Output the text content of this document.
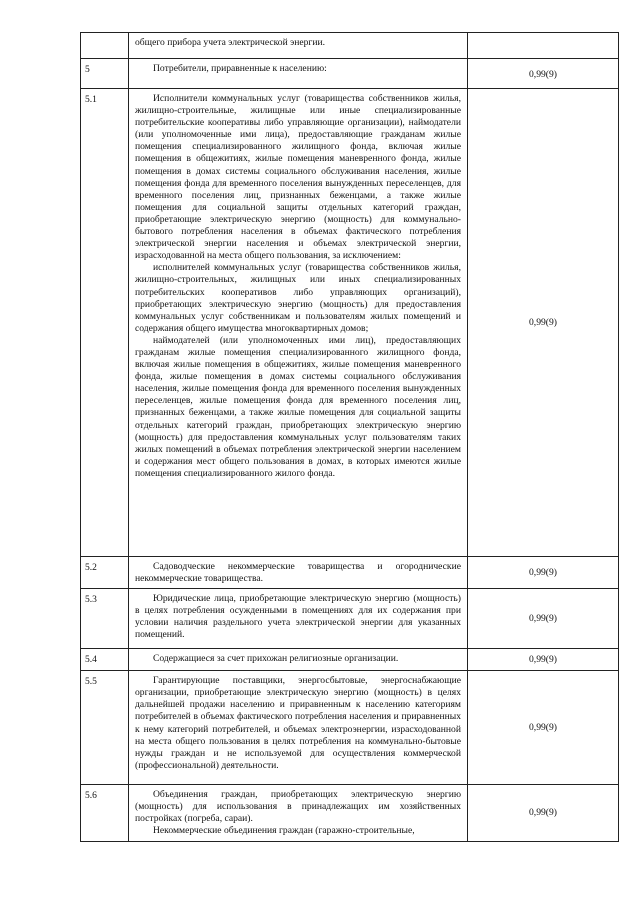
	общего прибора учета электрической энергии.	

5	Потребители, приравненные к населению:	0,99(9)
5.1	Исполнители коммунальных услуг (товарищества собственников жилья, жилищно-строительные, жилищные или иные специализированные потребительские кооперативы либо управляющие организации), наймодатели (или уполномоченные ими лица), предоставляющие гражданам жилые помещения специализированного жилищного фонда, включая жилые помещения в общежитиях, жилые помещения маневренного фонда, жилые помещения в домах системы социального обслуживания населения, жилые помещения фонда для временного поселения вынужденных переселенцев, для временного поселения лиц, признанных беженцами, а также жилые помещения для социальной защиты отдельных категорий граждан, приобретающие электрическую энергию (мощность) для коммунально-бытового потребления населения в объемах фактического потребления электрической энергии населения и объемах электрической энергии, израсходованной на места общего пользования, за исключением:

исполнителей коммунальных услуг (товарищества собственников жилья, жилищно-строительных, жилищных или иных специализированных потребительских кооперативов либо управляющих организаций), приобретающих электрическую энергию (мощность) для предоставления коммунальных услуг собственникам и пользователям жилых помещений и содержания общего имущества многоквартирных домов;

наймодателей (или уполномоченных ими лиц), предоставляющих гражданам жилые помещения специализированного жилищного фонда, включая жилые помещения в общежитиях, жилые помещения маневренного фонда, жилые помещения в домах системы социального обслуживания населения, жилые помещения фонда для временного поселения вынужденных переселенцев, жилые помещения фонда для временного поселения лиц, признанных беженцами, а также жилые помещения для социальной защиты отдельных категорий граждан, приобретающих электрическую энергию (мощность) для предоставления коммунальных услуг пользователям таких жилых помещений в объемах потребления электрической энергии населением и содержания мест общего пользования в домах, в которых имеются жилые помещения специализированного жилого фонда.	0,99(9)
5.2	Садоводческие некоммерческие товарищества и огороднические некоммерческие товарищества.	0,99(9)
5.3	Юридические лица, приобретающие электрическую энергию (мощность) в целях потребления осужденными в помещениях для их содержания при условии наличия раздельного учета электрической энергии для указанных помещений.	0,99(9)
5.4	Содержащиеся за счет прихожан религиозные организации.	0,99(9)
5.5	Гарантирующие поставщики, энергосбытовые, энергоснабжающие организации, приобретающие электрическую энергию (мощность) в целях дальнейшей продажи населению и приравненным к населению категориям потребителей в объемах фактического потребления населения и приравненных к нему категорий потребителей, и объемах электроэнергии, израсходованной на места общего пользования в целях потребления на коммунально-бытовые нужды граждан и не используемой для осуществления коммерческой (профессиональной) деятельности.	0,99(9)
5.6	Объединения граждан, приобретающих электрическую энергию (мощность) для использования в принадлежащих им хозяйственных постройках (погреба, сараи).

Некоммерческие объединения граждан (гаражно-строительные,	0,99(9)
